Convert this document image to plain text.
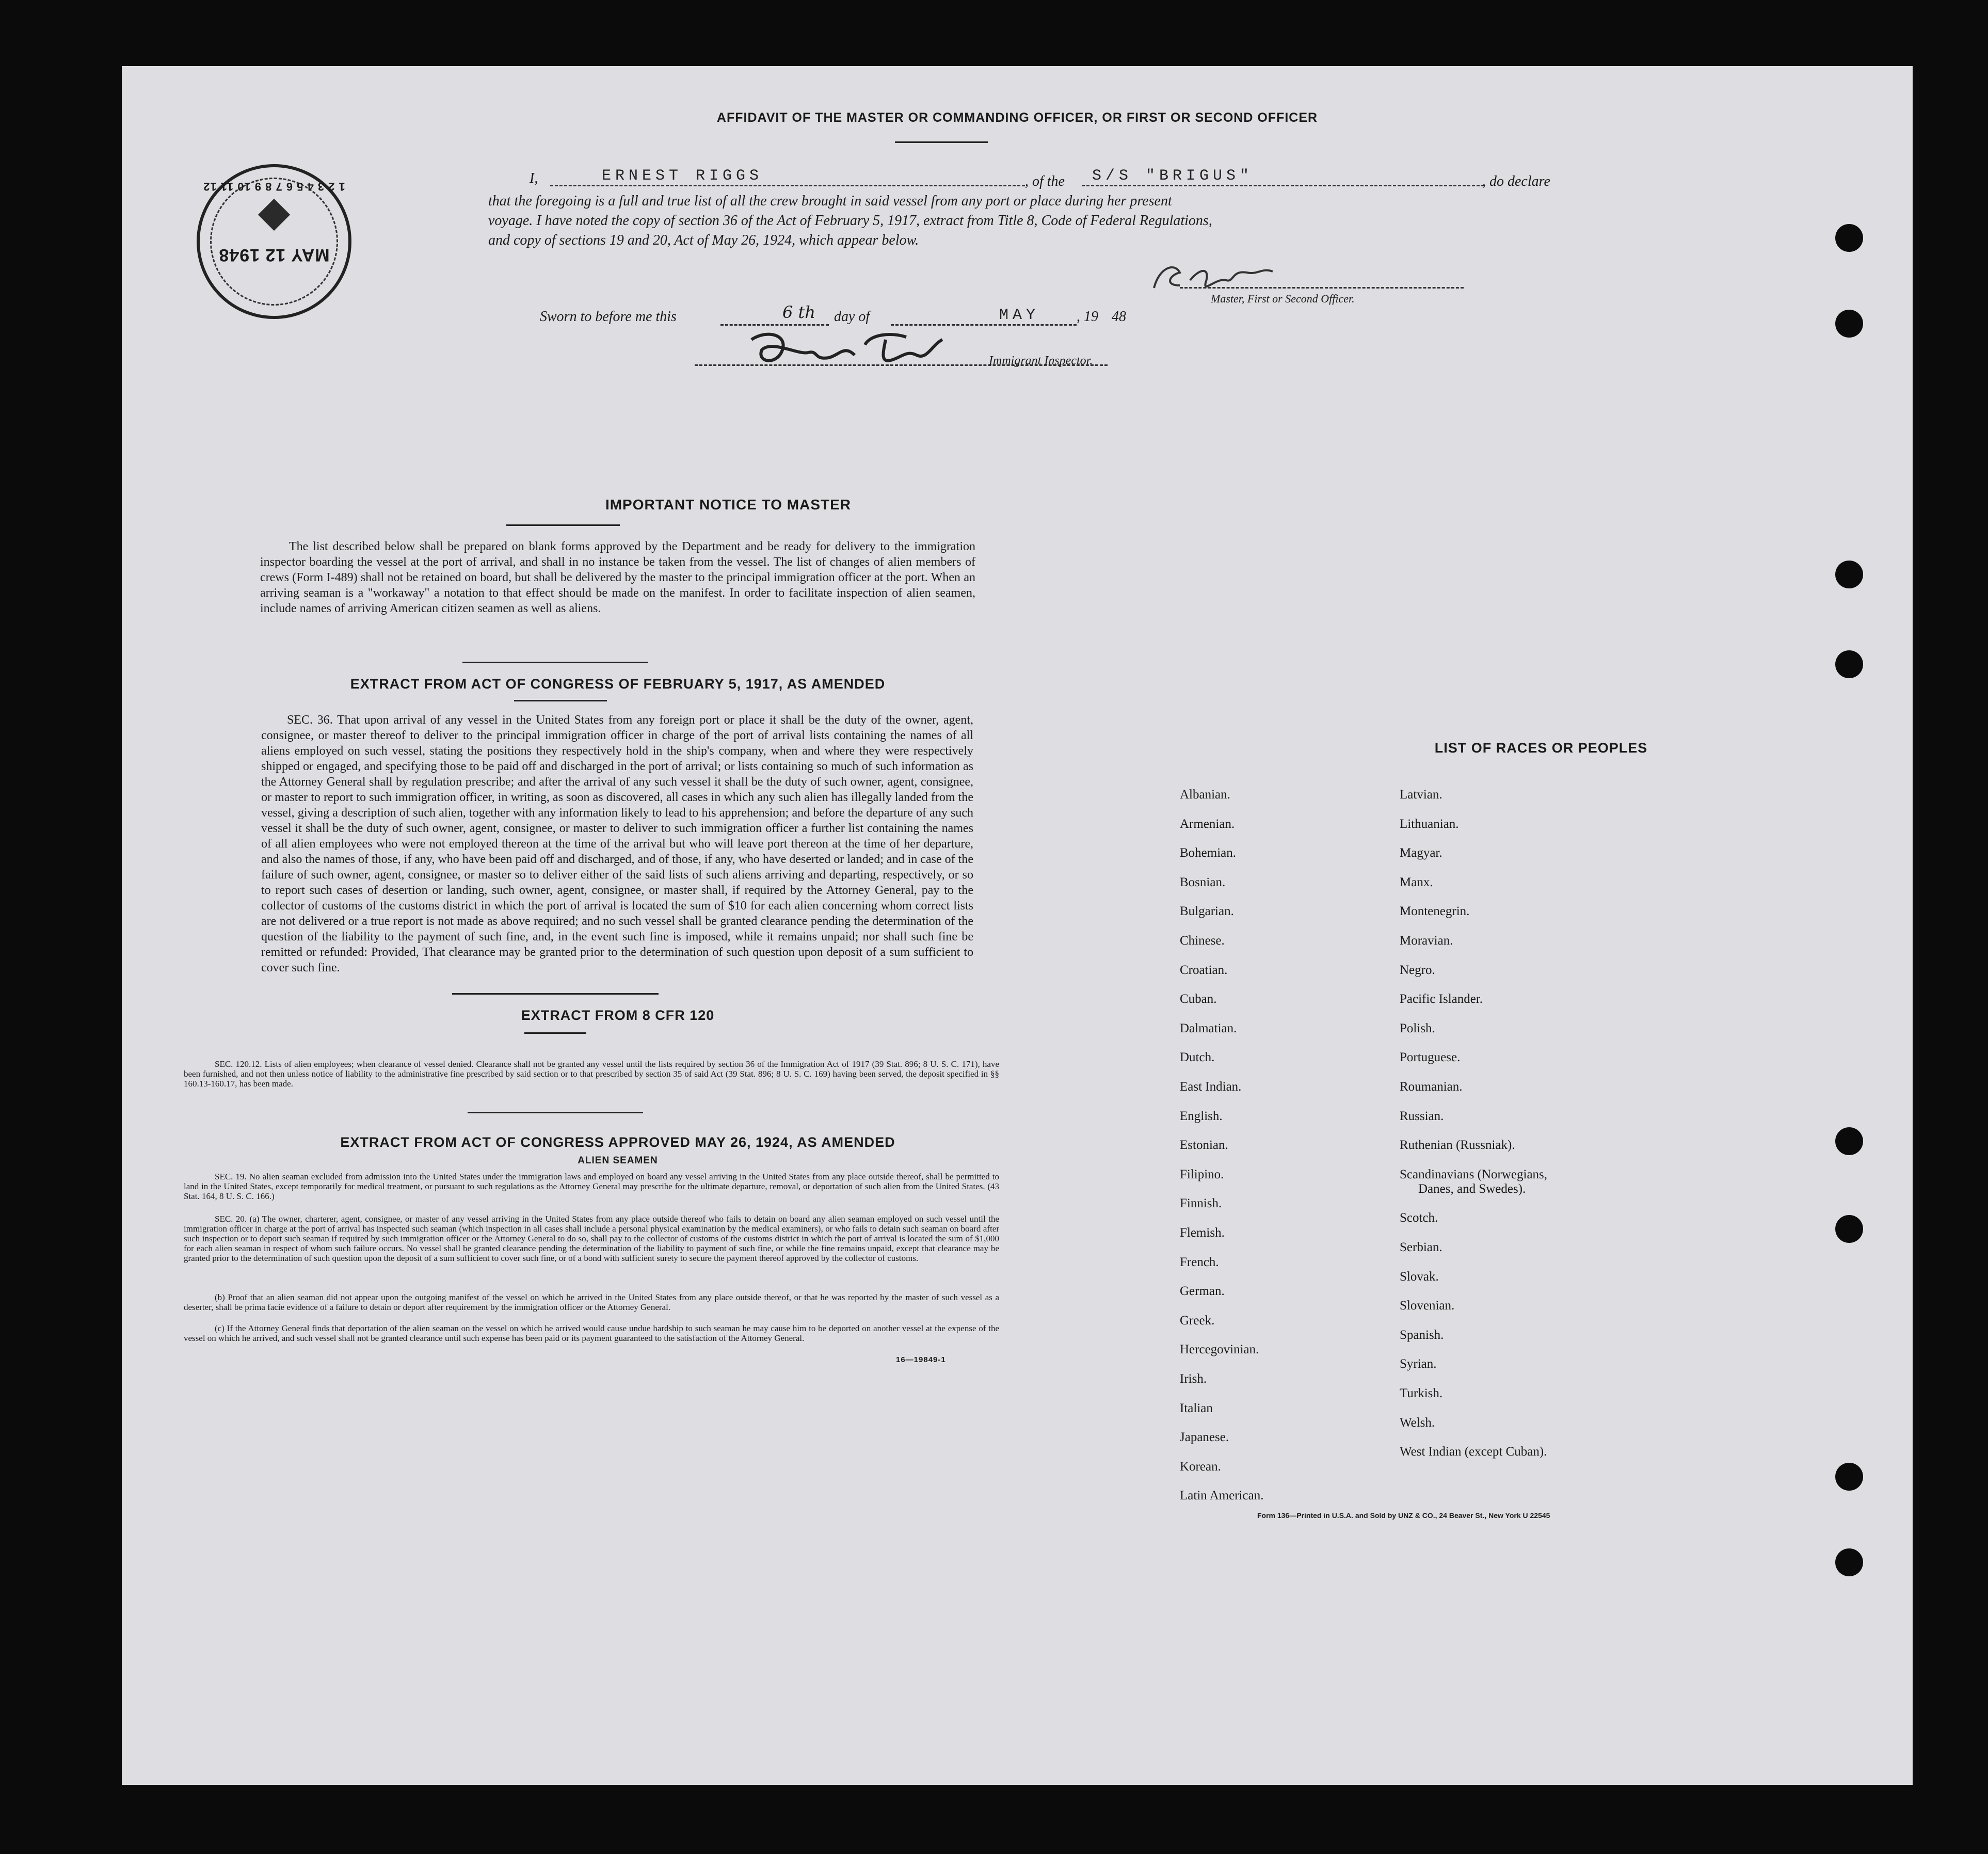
AFFIDAVIT OF THE MASTER OR COMMANDING OFFICER, OR FIRST OR SECOND OFFICER
I,	ERNEST RIGGS	, of the S/S "BRIGUS"	, do declare
that the foregoing is a full and true list of all the crew brought in said vessel from any port or place during her present
voyage. I have noted the copy of section 36 of the Act of February 5, 1917, extract from Title 8, Code of Federal Regulations,
and copy of sections 19 and 20, Act of May 26, 1924, which appear below.
Master, First or Second Officer.
Sworn to before me this	6 th day of	MAY	, 19 48
Immigrant Inspector.
MAY 12 1948
1 2 3 4 5 6 7 8 9 10 11 12
IMPORTANT NOTICE TO MASTER
The list described below shall be prepared on blank forms approved by the Department and be ready for delivery to the immigration inspector boarding the vessel at the port of arrival, and shall in no instance be taken from the vessel. The list of changes of alien members of crews (Form I-489) shall not be retained on board, but shall be delivered by the master to the principal immigration officer at the port. When an arriving seaman is a "workaway" a notation to that effect should be made on the manifest. In order to facilitate inspection of alien seamen, include names of arriving American citizen seamen as well as aliens.
EXTRACT FROM ACT OF CONGRESS OF FEBRUARY 5, 1917, AS AMENDED
SEC. 36. That upon arrival of any vessel in the United States from any foreign port or place it shall be the duty of the owner, agent, consignee, or master thereof to deliver to the principal immigration officer in charge of the port of arrival lists containing the names of all aliens employed on such vessel, stating the positions they respectively hold in the ship's company, when and where they were respectively shipped or engaged, and specifying those to be paid off and discharged in the port of arrival; or lists containing so much of such information as the Attorney General shall by regulation prescribe; and after the arrival of any such vessel it shall be the duty of such owner, agent, consignee, or master to report to such immigration officer, in writing, as soon as discovered, all cases in which any such alien has illegally landed from the vessel, giving a description of such alien, together with any information likely to lead to his apprehension; and before the departure of any such vessel it shall be the duty of such owner, agent, consignee, or master to deliver to such immigration officer a further list containing the names of all alien employees who were not employed thereon at the time of the arrival but who will leave port thereon at the time of her departure, and also the names of those, if any, who have been paid off and discharged, and of those, if any, who have deserted or landed; and in case of the failure of such owner, agent, consignee, or master so to deliver either of the said lists of such aliens arriving and departing, respectively, or so to report such cases of desertion or landing, such owner, agent, consignee, or master shall, if required by the Attorney General, pay to the collector of customs of the customs district in which the port of arrival is located the sum of $10 for each alien concerning whom correct lists are not delivered or a true report is not made as above required; and no such vessel shall be granted clearance pending the determination of the question of the liability to the payment of such fine, and, in the event such fine is imposed, while it remains unpaid; nor shall such fine be remitted or refunded: Provided, That clearance may be granted prior to the determination of such question upon deposit of a sum sufficient to cover such fine.
EXTRACT FROM 8 CFR 120
SEC. 120.12. Lists of alien employees; when clearance of vessel denied. Clearance shall not be granted any vessel until the lists required by section 36 of the Immigration Act of 1917 (39 Stat. 896; 8 U. S. C. 171), have been furnished, and not then unless notice of liability to the administrative fine prescribed by said section or to that prescribed by section 35 of said Act (39 Stat. 896; 8 U. S. C. 169) having been served, the deposit specified in §§ 160.13-160.17, has been made.
EXTRACT FROM ACT OF CONGRESS APPROVED MAY 26, 1924, AS AMENDED
ALIEN SEAMEN
SEC. 19. No alien seaman excluded from admission into the United States under the immigration laws and employed on board any vessel arriving in the United States from any place outside thereof, shall be permitted to land in the United States, except temporarily for medical treatment, or pursuant to such regulations as the Attorney General may prescribe for the ultimate departure, removal, or deportation of such alien from the United States. (43 Stat. 164, 8 U. S. C. 166.)
SEC. 20. (a) The owner, charterer, agent, consignee, or master of any vessel arriving in the United States from any place outside thereof who fails to detain on board any alien seaman employed on such vessel until the immigration officer in charge at the port of arrival has inspected such seaman (which inspection in all cases shall include a personal physical examination by the medical examiners), or who fails to detain such seaman on board after such inspection or to deport such seaman if required by such immigration officer or the Attorney General to do so, shall pay to the collector of customs of the customs district in which the port of arrival is located the sum of $1,000 for each alien seaman in respect of whom such failure occurs. No vessel shall be granted clearance pending the determination of the liability to payment of such fine, or while the fine remains unpaid, except that clearance may be granted prior to the determination of such question upon the deposit of a sum sufficient to cover such fine, or of a bond with sufficient surety to secure the payment thereof approved by the collector of customs.
(b) Proof that an alien seaman did not appear upon the outgoing manifest of the vessel on which he arrived in the United States from any place outside thereof, or that he was reported by the master of such vessel as a deserter, shall be prima facie evidence of a failure to detain or deport after requirement by the immigration officer or the Attorney General.
(c) If the Attorney General finds that deportation of the alien seaman on the vessel on which he arrived would cause undue hardship to such seaman he may cause him to be deported on another vessel at the expense of the vessel on which he arrived, and such vessel shall not be granted clearance until such expense has been paid or its payment guaranteed to the satisfaction of the Attorney General.
16—19849-1
LIST OF RACES OR PEOPLES
Albanian.
Armenian.
Bohemian.
Bosnian.
Bulgarian.
Chinese.
Croatian.
Cuban.
Dalmatian.
Dutch.
East Indian.
English.
Estonian.
Filipino.
Finnish.
Flemish.
French.
German.
Greek.
Hercegovinian.
Irish.
Italian
Japanese.
Korean.
Latin American.
Latvian.
Lithuanian.
Magyar.
Manx.
Montenegrin.
Moravian.
Negro.
Pacific Islander.
Polish.
Portuguese.
Roumanian.
Russian.
Ruthenian (Russniak).
Scandinavians (Norwegians,
Danes, and Swedes).
Scotch.
Serbian.
Slovak.
Slovenian.
Spanish.
Syrian.
Turkish.
Welsh.
West Indian (except Cuban).
Form 136—Printed in U.S.A. and Sold by UNZ & CO., 24 Beaver St., New York U 22545
